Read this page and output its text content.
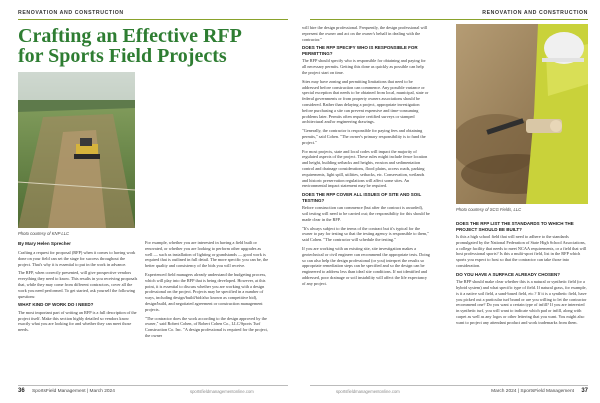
RENOVATION AND CONSTRUCTION
Crafting an Effective RFP for Sports Field Projects
Photo courtesy of KNP LLC
By Mary Helen Sprecher

Crafting a request for proposal (RFP) when it comes to having work done on your field can set the stage for success throughout the project. That's why it is essential to put in the work in advance.

The RFP, when correctly presented, will give prospective vendors everything they need to know. This results in you receiving proposals that, while they may come from different contractors, cover all the work you need performed. To get started, ask yourself the following questions:

WHAT KIND OF WORK DO I NEED?

The most important part of writing an RFP is a full description of the project itself. Make this section highly detailed so vendors know exactly what you are looking for and whether they can meet those needs.

For example, whether you are interested in having a field built or renovated, or whether you are looking to perform other upgrades as well — such as installation of lighting or grandstands — good work is required that is outlined in full detail. The more specific you can be, the better quality and consistency of the bids you will receive.

Experienced field managers already understand the budgeting process, which will play into the RFP that is being developed. However, at this point, it is essential to discuss whether you are working with a design professional on the project. Projects may be specified in a number of ways, including design/build/bid/also known as competitive bid), design/build, and negotiated agreement or construction management projects.

"The contractor does the work according to the design approved by the owner," said Robert Cohen, of Robert Cohen Co., LLC/Sports Turf Construction Co. Inc. "A design professional is required for the project, the owner

36 SportsField Management | March 2024	sportsfieldmanagementonline.com
RENOVATION AND CONSTRUCTION

will hire the design professional. Frequently, the design professional will represent the owner and act on the owner's behalf in dealing with the contractor."

DOES THE RFP SPECIFY WHO IS RESPONSIBLE FOR PERMITTING?

The RFP should specify who is responsible for obtaining and paying for all necessary permits. Getting this done as quickly as possible can help the project start on time.

Sites may have zoning and permitting limitations that need to be addressed before construction can commence. Any possible variance or special exception that needs to be obtained from local, municipal, state or federal governments or from property owners associations should be considered. Rather than delaying a project, appropriate investigation before purchasing a site can prevent expensive and time-consuming problems later. Permits often require certified surveys or stamped architectural and/or engineering drawings.

"Generally, the contractor is responsible for paying fees and obtaining permits," said Cohen. "The owner's primary responsibility is to fund the project."

For most projects, state and local codes will impact the majority of regulated aspects of the project. These rules might include fence location and height, building setbacks and heights, erosion and sedimentation control and drainage considerations, flood plains, access roads, parking requirements, light spill, utilities, setbacks, etc. Conservation, wetlands and historic preservation regulations will affect some sites. An environmental impact statement may be required.

DOES THE RFP COVER ALL ISSUES OF SITE AND SOIL TESTING?

Before construction can commence (but after the contract is awarded), soil testing will need to be carried out; the responsibility for this should be made clear in the RFP.

"It's always subject to the terms of the contract but it's typical for the owner to pay for testing so that the testing agency is responsible to them," said Cohen. "The contractor will schedule the testing."

If you are working with an existing site, site investigation makes a geotechnical or civil engineer can recommend the appropriate tests. Doing so can also help the design professional (or you) interpret the results so appropriate remediation steps can be specified and so the design can be engineered to address less than ideal site conditions. If not identified and addressed, poor drainage or soil instability will affect the life expectancy of any project.

Photo courtesy of SCG Fields, LLC
DOES THE RFP LIST THE STANDARDS TO WHICH THE PROJECT SHOULD BE BUILT?

Is this a high school field that will need to adhere to the standards promulgated by the National Federation of State High School Associations, a college facility that needs to meet NCAA requirements, or a field that will host professional sports? Is this a multi-sport field, list in the RFP which sports you expect to host so that the contractor can take those into consideration.

DO YOU HAVE A SURFACE ALREADY CHOSEN?

The RFP should make clear whether this is a natural or synthetic field (or a hybrid system) and what specific type of field. If natural grass, for example, is it a native soil field, a sand-based field, etc.? If it is a synthetic field, have you picked out a particular turf brand or are you willing to let the contractor recommend one? Do you want a certain type of infill? If you are interested in synthetic turf, you will want to indicate which pad or infill, along with carpet as well as any logos or other lettering that you want. You might also want to project any attendant product and work trademarks from them.

sportsfieldmanagementonline.com	March 2024 | SportsField Management 37
